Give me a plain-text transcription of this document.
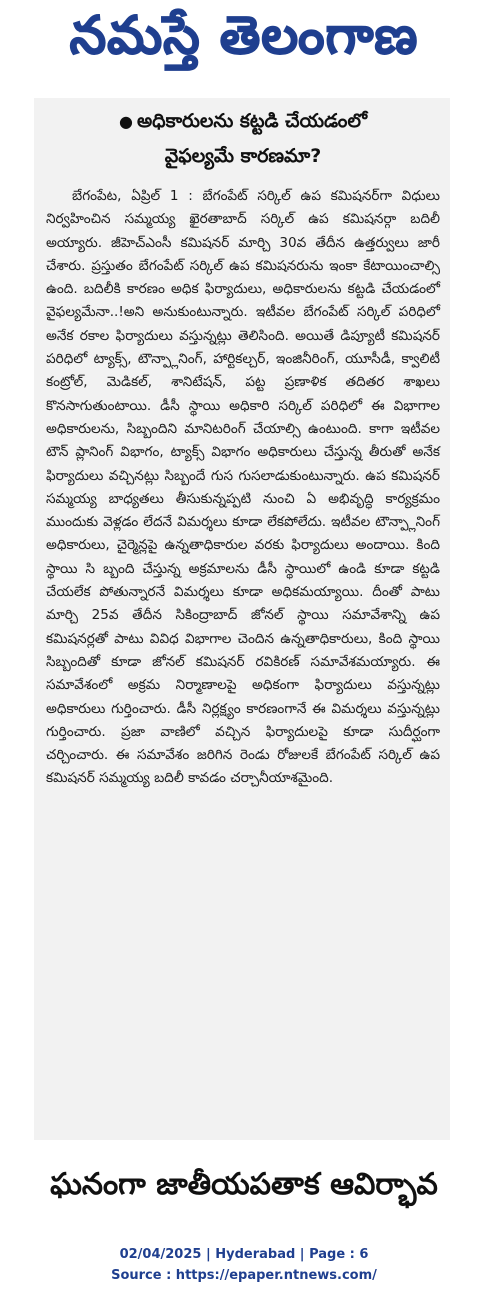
నమస్తే తెలంగాణ
● అధికారులను కట్టడి చేయడంలో
వైఫల్యమే కారణమా?

బేగంపేట, ఏప్రిల్ 1 : బేగంపేట్ సర్కిల్ ఉప కమిషనర్‌గా విధులు నిర్వహించిన సమ్మయ్య ఖైరతాబాద్ సర్కిల్ ఉప కమిషనర్గా బదిలీ అయ్యారు. జీహెచ్ఎంసీ కమిషనర్ మార్చి 30వ తేదీన ఉత్తర్వులు జారీ చేశారు. ప్రస్తుతం బేగంపేట్ సర్కిల్ ఉప కమిషనరును ఇంకా కేటాయించాల్సి ఉంది. బదిలీకి కారణం అధిక ఫిర్యాదులు, అధికారులను కట్టడి చేయడంలో వైఫల్యమేనా..!అని అనుకుంటున్నారు. ఇటీవల బేగంపేట్ సర్కిల్ పరిధిలో అనేక రకాల ఫిర్యాదులు వస్తున్నట్లు తెలిసింది. అయితే డిప్యూటీ కమిషనర్ పరిధిలో ట్యాక్స్, టౌన్ప్లానింగ్, హార్టికల్చర్, ఇంజినీరింగ్, యూసీడీ, క్వాలిటీ కంట్రోల్, మెడికల్, శానిటేషన్, పట్ట ప్రణాళిక తదితర శాఖలు కొనసాగుతుంటాయి. డీసీ స్థాయి అధికారి సర్కిల్ పరిధిలో ఈ విభాగాల అధికారులను, సిబ్బందిని మానిటరింగ్ చేయాల్సి ఉంటుంది. కాగా ఇటీవల టౌన్ ప్లానింగ్ విభాగం, ట్యాక్స్ విభాగం అధికారులు చేస్తున్న తీరుతో అనేక ఫిర్యాదులు వచ్చినట్లు సిబ్బందే గుస గుసలాడుకుంటున్నారు. ఉప కమిషనర్ సమ్మయ్య బాధ్యతలు తీసుకున్నప్పటి నుంచి ఏ అభివృద్ధి కార్యక్రమం ముందుకు వెళ్లడం లేదనే విమర్శలు కూడా లేకపోలేదు. ఇటీవల టౌన్ప్లానింగ్ అధికారులు, చైర్మెన్లపై ఉన్నతాధికారుల వరకు ఫిర్యాదులు అందాయి. కింది స్థాయి సి బ్బంది చేస్తున్న అక్రమాలను డీసీ స్థాయిలో ఉండి కూడా కట్టడి చేయలేక పోతున్నారనే విమర్శలు కూడా అధికమయ్యాయి. దీంతో పాటు మార్చి 25వ తేదీన సికింద్రాబాద్ జోనల్ స్థాయి సమావేశాన్ని ఉప కమిషనర్లతో పాటు వివిధ విభాగాల చెందిన ఉన్నతాధికారులు, కింది స్థాయి సిబ్బందితో కూడా జోనల్ కమిషనర్ రవికిరణ్ సమావేశమయ్యారు. ఈ సమావేశంలో అక్రమ నిర్మాణాలపై అధికంగా ఫిర్యాదులు వస్తున్నట్లు అధికారులు గుర్తించారు. డీసీ నిర్లక్ష్యం కారణంగానే ఈ విమర్శలు వస్తున్నట్లు గుర్తించారు. ప్రజా వాణిలో వచ్చిన ఫిర్యాదులపై కూడా సుదీర్ఘంగా చర్చించారు. ఈ సమావేశం జరిగిన రెండు రోజులకే బేగంపేట్ సర్కిల్ ఉప కమిషనర్ సమ్మయ్య బదిలీ కావడం చర్చానీయాశమైంది.

ఘనంగా జాతీయపతాక ఆవిర్భావ
02/04/2025 | Hyderabad | Page : 6
Source : https://epaper.ntnews.com/
